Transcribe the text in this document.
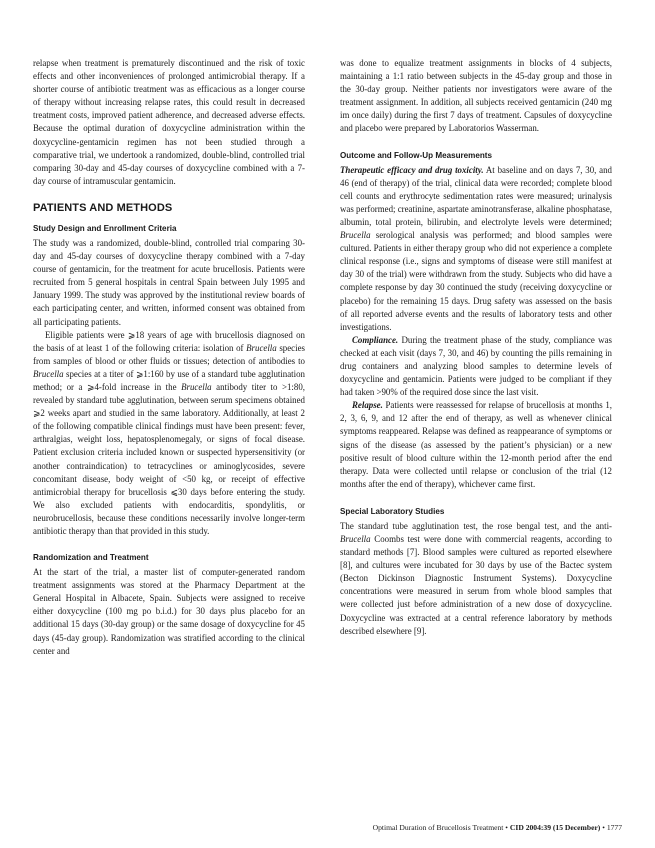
relapse when treatment is prematurely discontinued and the risk of toxic effects and other inconveniences of prolonged antimicrobial therapy. If a shorter course of antibiotic treatment was as efficacious as a longer course of therapy without increasing relapse rates, this could result in decreased treatment costs, improved patient adherence, and decreased adverse effects. Because the optimal duration of doxycycline administration within the doxycycline-gentamicin regimen has not been studied through a comparative trial, we undertook a randomized, double-blind, controlled trial comparing 30-day and 45-day courses of doxycycline combined with a 7-day course of intramuscular gentamicin.

PATIENTS AND METHODS
Study Design and Enrollment Criteria

The study was a randomized, double-blind, controlled trial comparing 30-day and 45-day courses of doxycycline therapy combined with a 7-day course of gentamicin, for the treatment for acute brucellosis. Patients were recruited from 5 general hospitals in central Spain between July 1995 and January 1999. The study was approved by the institutional review boards of each participating center, and written, informed consent was obtained from all participating patients.

Eligible patients were ⩾18 years of age with brucellosis diagnosed on the basis of at least 1 of the following criteria: isolation of Brucella species from samples of blood or other fluids or tissues; detection of antibodies to Brucella species at a titer of ⩾1:160 by use of a standard tube agglutination method; or a ⩾4-fold increase in the Brucella antibody titer to >1:80, revealed by standard tube agglutination, between serum specimens obtained ⩾2 weeks apart and studied in the same laboratory. Additionally, at least 2 of the following compatible clinical findings must have been present: fever, arthralgias, weight loss, hepatosplenomegaly, or signs of focal disease. Patient exclusion criteria included known or suspected hypersensitivity (or another contraindication) to tetracyclines or aminoglycosides, severe concomitant disease, body weight of <50 kg, or receipt of effective antimicrobial therapy for brucellosis ⩽30 days before entering the study. We also excluded patients with endocarditis, spondylitis, or neurobrucellosis, because these conditions necessarily involve longer-term antibiotic therapy than that provided in this study.

Randomization and Treatment

At the start of the trial, a master list of computer-generated random treatment assignments was stored at the Pharmacy Department at the General Hospital in Albacete, Spain. Subjects were assigned to receive either doxycycline (100 mg po b.i.d.) for 30 days plus placebo for an additional 15 days (30-day group) or the same dosage of doxycycline for 45 days (45-day group). Randomization was stratified according to the clinical center and

was done to equalize treatment assignments in blocks of 4 subjects, maintaining a 1:1 ratio between subjects in the 45-day group and those in the 30-day group. Neither patients nor investigators were aware of the treatment assignment. In addition, all subjects received gentamicin (240 mg im once daily) during the first 7 days of treatment. Capsules of doxycycline and placebo were prepared by Laboratorios Wasserman.

Outcome and Follow-Up Measurements

Therapeutic efficacy and drug toxicity. At baseline and on days 7, 30, and 46 (end of therapy) of the trial, clinical data were recorded; complete blood cell counts and erythrocyte sedimentation rates were measured; urinalysis was performed; creatinine, aspartate aminotransferase, alkaline phosphatase, albumin, total protein, bilirubin, and electrolyte levels were determined; Brucella serological analysis was performed; and blood samples were cultured. Patients in either therapy group who did not experience a complete clinical response (i.e., signs and symptoms of disease were still manifest at day 30 of the trial) were withdrawn from the study. Subjects who did have a complete response by day 30 continued the study (receiving doxycycline or placebo) for the remaining 15 days. Drug safety was assessed on the basis of all reported adverse events and the results of laboratory tests and other investigations.

Compliance. During the treatment phase of the study, compliance was checked at each visit (days 7, 30, and 46) by counting the pills remaining in drug containers and analyzing blood samples to determine levels of doxycycline and gentamicin. Patients were judged to be compliant if they had taken >90% of the required dose since the last visit.

Relapse. Patients were reassessed for relapse of brucellosis at months 1, 2, 3, 6, 9, and 12 after the end of therapy, as well as whenever clinical symptoms reappeared. Relapse was defined as reappearance of symptoms or signs of the disease (as assessed by the patient’s physician) or a new positive result of blood culture within the 12-month period after the end therapy. Data were collected until relapse or conclusion of the trial (12 months after the end of therapy), whichever came first.

Special Laboratory Studies

The standard tube agglutination test, the rose bengal test, and the anti-Brucella Coombs test were done with commercial reagents, according to standard methods [7]. Blood samples were cultured as reported elsewhere [8], and cultures were incubated for 30 days by use of the Bactec system (Becton Dickinson Diagnostic Instrument Systems). Doxycycline concentrations were measured in serum from whole blood samples that were collected just before administration of a new dose of doxycycline. Doxycycline was extracted at a central reference laboratory by methods described elsewhere [9].

Optimal Duration of Brucellosis Treatment • CID 2004:39 (15 December) • 1777
